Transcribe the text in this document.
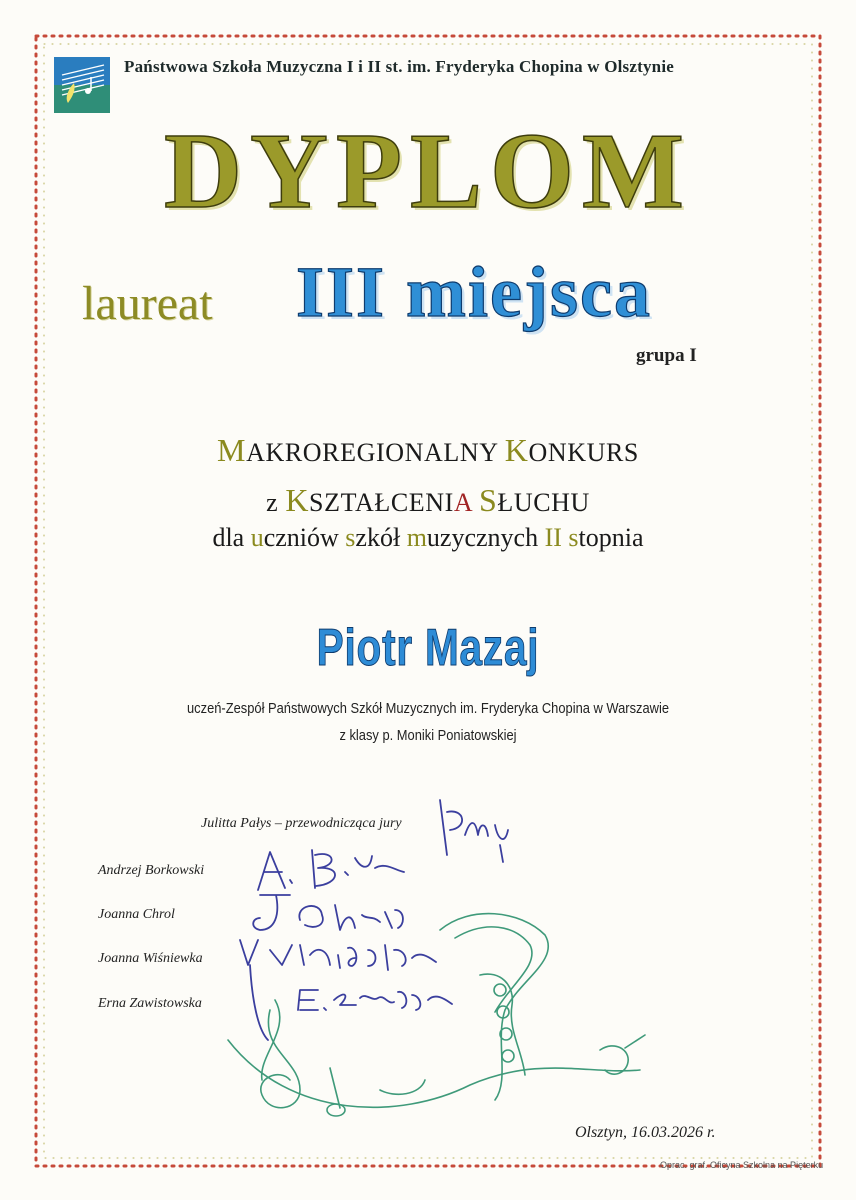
Państwowa Szkoła Muzyczna I i II st. im. Fryderyka Chopina w Olsztynie
DYPLOM
laureat III miejsca
grupa I
MAKROREGIONALNY KONKURS
z KSZTAŁCENIA SŁUCHU
dla uczniów szkół muzycznych II stopnia
Piotr Mazaj
uczeń-Zespół Państwowych Szkół Muzycznych im. Fryderyka Chopina w Warszawie
z klasy p. Moniki Poniatowskiej
Julitta Pałys – przewodnicząca jury
Andrzej Borkowski
Joanna Chrol
Joanna Wiśniewka
Erna Zawistowska
Olsztyn, 16.03.2026 r.
Oprac. graf. Oficyna Szkolna na Pięterku
